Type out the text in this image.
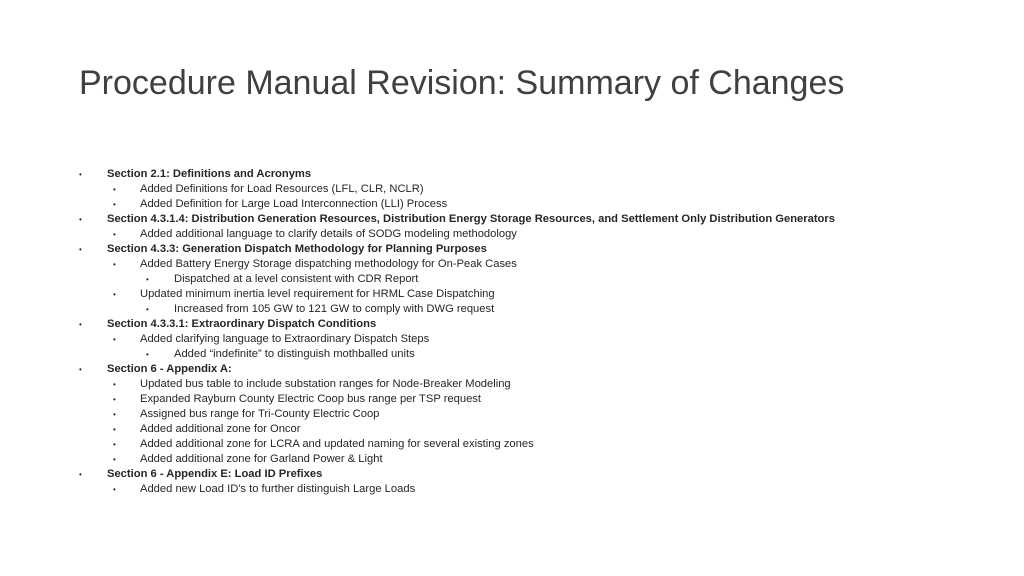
Procedure Manual Revision: Summary of Changes
• Section 2.1: Definitions and Acronyms
• Added Definitions for Load Resources (LFL, CLR, NCLR)
• Added Definition for Large Load Interconnection (LLI) Process
• Section 4.3.1.4: Distribution Generation Resources, Distribution Energy Storage Resources, and Settlement Only Distribution Generators
• Added additional language to clarify details of SODG modeling methodology
• Section 4.3.3: Generation Dispatch Methodology for Planning Purposes
• Added Battery Energy Storage dispatching methodology for On-Peak Cases
• Dispatched at a level consistent with CDR Report
• Updated minimum inertia level requirement for HRML Case Dispatching
• Increased from 105 GW to 121 GW to comply with DWG request
• Section 4.3.3.1: Extraordinary Dispatch Conditions
• Added clarifying language to Extraordinary Dispatch Steps
• Added “indefinite” to distinguish mothballed units
• Section 6 - Appendix A:
• Updated bus table to include substation ranges for Node-Breaker Modeling
• Expanded Rayburn County Electric Coop bus range per TSP request
• Assigned bus range for Tri-County Electric Coop
• Added additional zone for Oncor
• Added additional zone for LCRA and updated naming for several existing zones
• Added additional zone for Garland Power & Light
• Section 6 - Appendix E: Load ID Prefixes
• Added new Load ID's to further distinguish Large Loads
